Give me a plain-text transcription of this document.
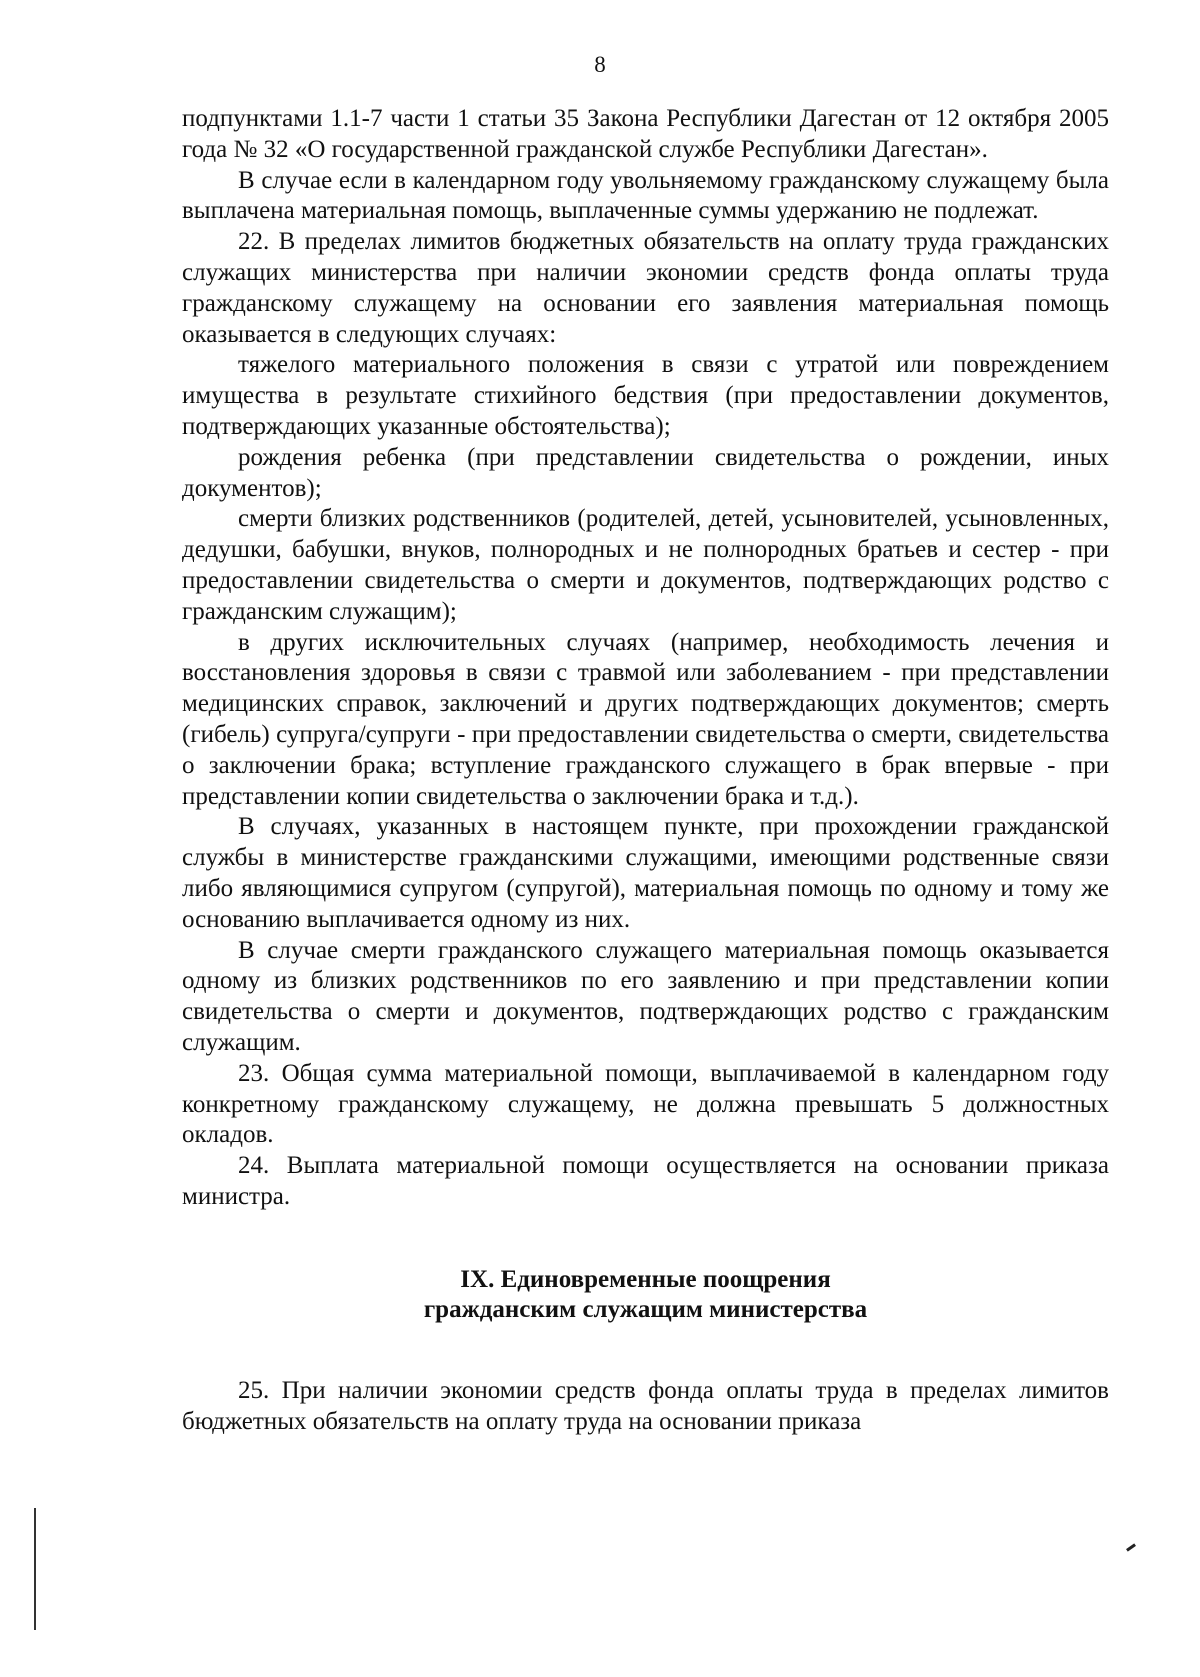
8

подпунктами 1.1-7 части 1 статьи 35 Закона Республики Дагестан от 12 октября 2005 года № 32 «О государственной гражданской службе Республики Дагестан».

В случае если в календарном году увольняемому гражданскому служащему была выплачена материальная помощь, выплаченные суммы удержанию не подлежат.

22. В пределах лимитов бюджетных обязательств на оплату труда гражданских служащих министерства при наличии экономии средств фонда оплаты труда гражданскому служащему на основании его заявления материальная помощь оказывается в следующих случаях:

тяжелого материального положения в связи с утратой или повреждением имущества в результате стихийного бедствия (при предоставлении документов, подтверждающих указанные обстоятельства);

рождения ребенка (при представлении свидетельства о рождении, иных документов);

смерти близких родственников (родителей, детей, усыновителей, усыновленных, дедушки, бабушки, внуков, полнородных и не полнородных братьев и сестер - при предоставлении свидетельства о смерти и документов, подтверждающих родство с гражданским служащим);

в других исключительных случаях (например, необходимость лечения и восстановления здоровья в связи с травмой или заболеванием - при представлении медицинских справок, заключений и других подтверждающих документов; смерть (гибель) супруга/супруги - при предоставлении свидетельства о смерти, свидетельства о заключении брака; вступление гражданского служащего в брак впервые - при представлении копии свидетельства о заключении брака и т.д.).

В случаях, указанных в настоящем пункте, при прохождении гражданской службы в министерстве гражданскими служащими, имеющими родственные связи либо являющимися супругом (супругой), материальная помощь по одному и тому же основанию выплачивается одному из них.

В случае смерти гражданского служащего материальная помощь оказывается одному из близких родственников по его заявлению и при представлении копии свидетельства о смерти и документов, подтверждающих родство с гражданским служащим.

23. Общая сумма материальной помощи, выплачиваемой в календарном году конкретному гражданскому служащему, не должна превышать 5 должностных окладов.

24. Выплата материальной помощи осуществляется на основании приказа министра.

IX. Единовременные поощрения
гражданским служащим министерства

25. При наличии экономии средств фонда оплаты труда в пределах лимитов бюджетных обязательств на оплату труда на основании приказа
